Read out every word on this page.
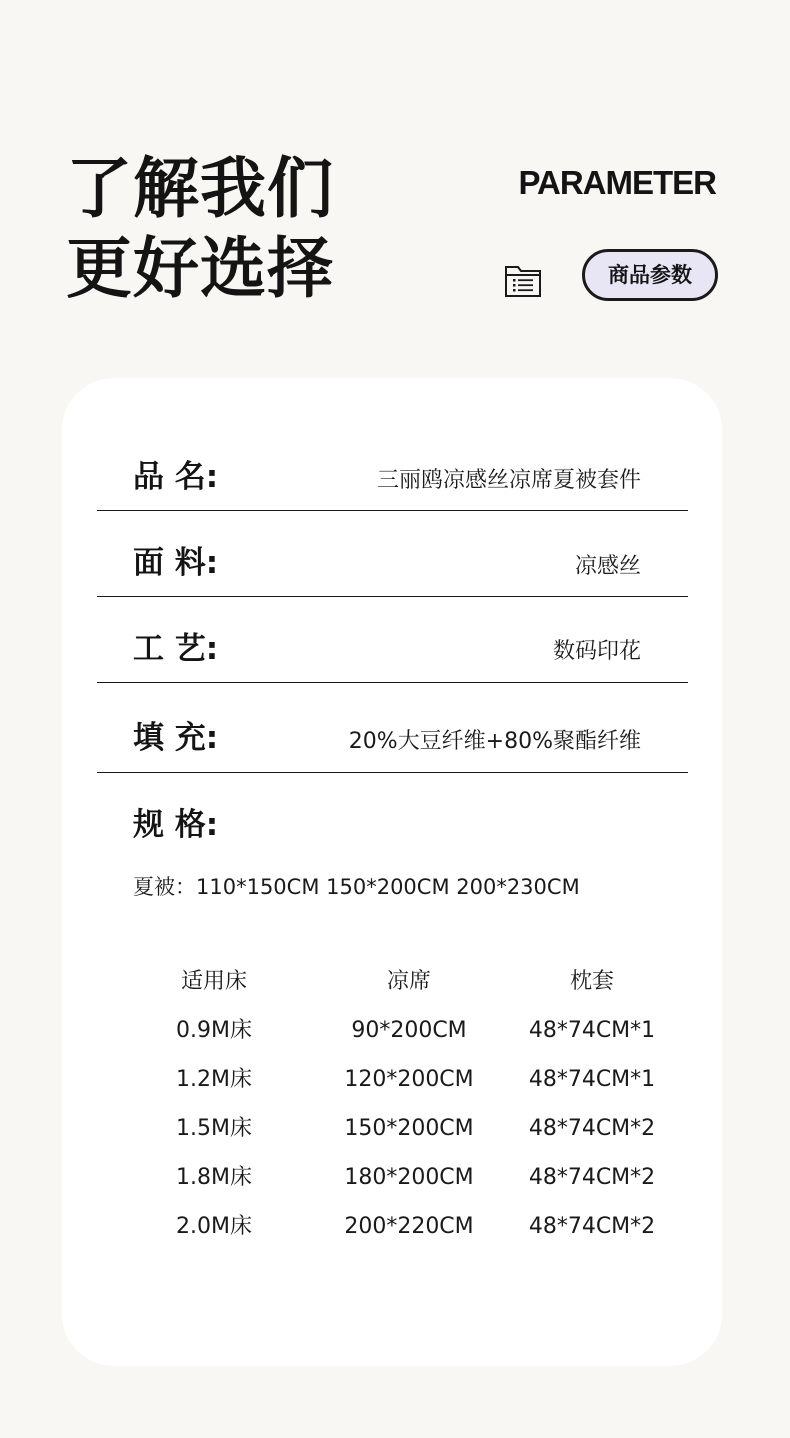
了解我们
更好选择
PARAMETER
商品参数
品 名:	三丽鸥凉感丝凉席夏被套件
面 料:	凉感丝
工 艺:	数码印花
填 充:	20%大豆纤维+80%聚酯纤维
规 格:
夏被：110*150CM 150*200CM 200*230CM
适用床	凉席	枕套
0.9M床	90*200CM	48*74CM*1
1.2M床	120*200CM	48*74CM*1
1.5M床	150*200CM	48*74CM*2
1.8M床	180*200CM	48*74CM*2
2.0M床	200*220CM	48*74CM*2
